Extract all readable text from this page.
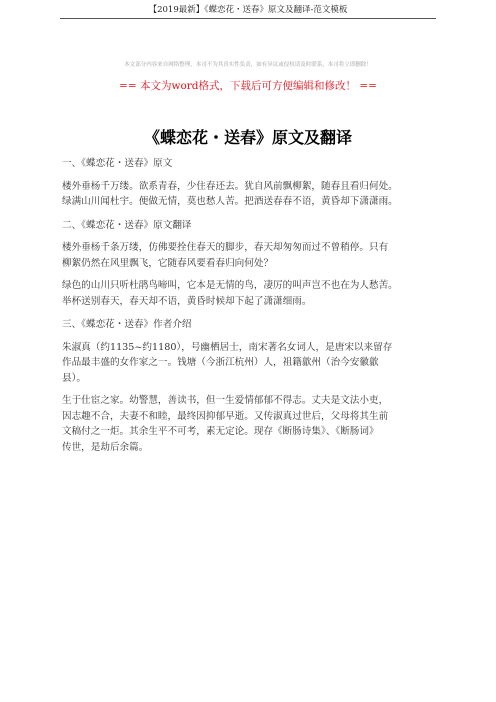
【2019最新】《蝶恋花・送春》原文及翻译-范文模板
本文部分内容来自网络整理，本司不为其真实性负责，如有异议或侵权请及时联系，本司将立即删除！
== 本文为word格式，下载后可方便编辑和修改！ ==
《蝶恋花・送春》原文及翻译

一、《蝶恋花・送春》原文

楼外垂杨千万缕。欲系青春，少住春还去。犹自风前飘柳絮，随春且看归何处。
绿满山川闻杜宇。便做无情，莫也愁人苦。把酒送春春不语，黄昏却下潇潇雨。

二、《蝶恋花・送春》原文翻译

楼外垂杨千条万缕，仿佛要拴住春天的脚步，春天却匆匆而过不曾稍停。只有
柳絮仍然在风里飘飞，它随春风要看春归向何处？

绿色的山川只听杜鹃鸟啼叫，它本是无情的鸟，凄厉的叫声岂不也在为人愁苦。
举杯送别春天，春天却不语，黄昏时候却下起了潇潇细雨。

三、《蝶恋花・送春》作者介绍

朱淑真（约1135~约1180），号幽栖居士，南宋著名女词人，是唐宋以来留存
作品最丰盛的女作家之一。钱塘（今浙江杭州）人，祖籍歙州（治今安徽歙
县）。

生于仕宦之家。幼警慧，善读书，但一生爱情郁郁不得志。丈夫是文法小吏，
因志趣不合，夫妻不和睦，最终因抑郁早逝。又传淑真过世后，父母将其生前
文稿付之一炬。其余生平不可考，素无定论。现存《断肠诗集》、《断肠词》
传世，是劫后余篇。
